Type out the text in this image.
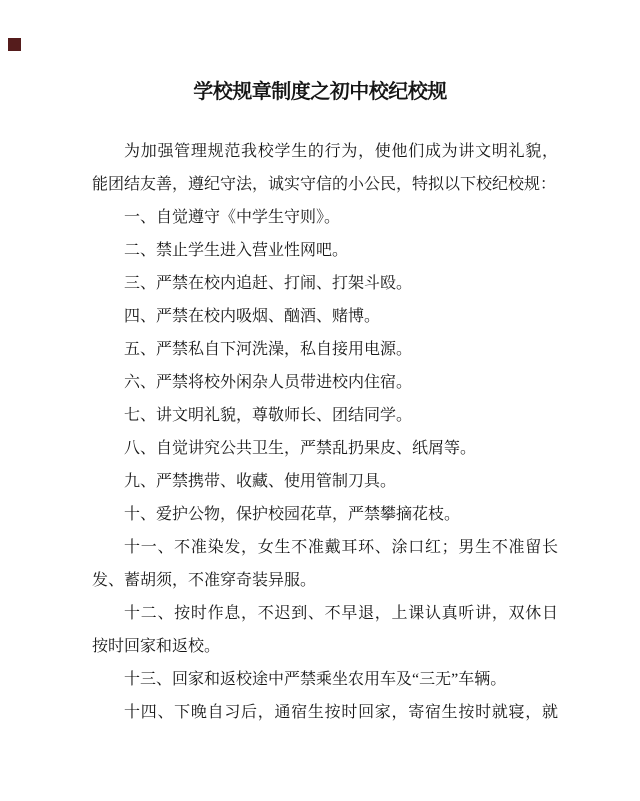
学校规章制度之初中校纪校规
为加强管理规范我校学生的行为，使他们成为讲文明礼貌，
能团结友善，遵纪守法，诚实守信的小公民，特拟以下校纪校规：
一、自觉遵守《中学生守则》。
二、禁止学生进入营业性网吧。
三、严禁在校内追赶、打闹、打架斗殴。
四、严禁在校内吸烟、酗酒、赌博。
五、严禁私自下河洗澡，私自接用电源。
六、严禁将校外闲杂人员带进校内住宿。
七、讲文明礼貌，尊敬师长、团结同学。
八、自觉讲究公共卫生，严禁乱扔果皮、纸屑等。
九、严禁携带、收藏、使用管制刀具。
十、爱护公物，保护校园花草，严禁攀摘花枝。
十一、不准染发，女生不准戴耳环、涂口红；男生不准留长
发、蓄胡须，不准穿奇装异服。
十二、按时作息，不迟到、不早退，上课认真听讲，双休日
按时回家和返校。
十三、回家和返校途中严禁乘坐农用车及“三无”车辆。
十四、下晚自习后，通宿生按时回家，寄宿生按时就寝，就
